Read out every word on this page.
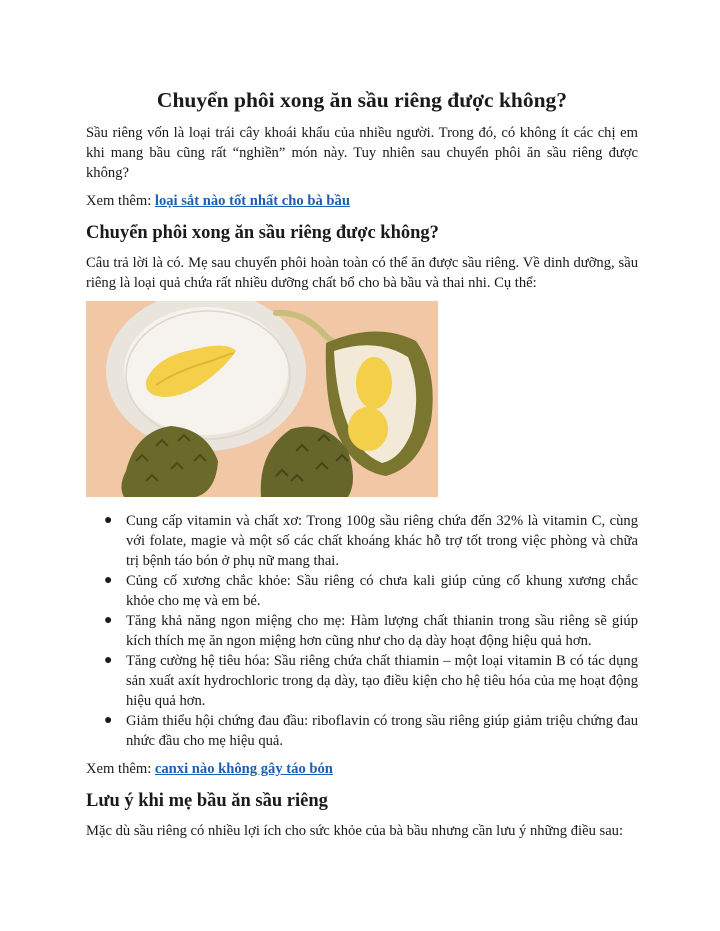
Chuyển phôi xong ăn sầu riêng được không?

Sầu riêng vốn là loại trái cây khoái khẩu của nhiều người. Trong đó, có không ít các chị em khi mang bầu cũng rất “nghiền” món này. Tuy nhiên sau chuyển phôi ăn sầu riêng được không?

Xem thêm: loại sắt nào tốt nhất cho bà bầu

Chuyển phôi xong ăn sầu riêng được không?

Câu trả lời là có. Mẹ sau chuyển phôi hoàn toàn có thể ăn được sầu riêng. Về dinh dưỡng, sầu riêng là loại quả chứa rất nhiều dưỡng chất bổ cho bà bầu và thai nhi. Cụ thể:

● Cung cấp vitamin và chất xơ: Trong 100g sầu riêng chứa đến 32% là vitamin C, cùng với folate, magie và một số các chất khoáng khác hỗ trợ tốt trong việc phòng và chữa trị bệnh táo bón ở phụ nữ mang thai.
● Củng cố xương chắc khỏe: Sầu riêng có chưa kali giúp củng cố khung xương chắc khỏe cho mẹ và em bé.
● Tăng khả năng ngon miệng cho mẹ: Hàm lượng chất thianin trong sầu riêng sẽ giúp kích thích mẹ ăn ngon miệng hơn cũng như cho dạ dày hoạt động hiệu quả hơn.
● Tăng cường hệ tiêu hóa: Sầu riêng chứa chất thiamin – một loại vitamin B có tác dụng sản xuất axít hydrochloric trong dạ dày, tạo điều kiện cho hệ tiêu hóa của mẹ hoạt động hiệu quả hơn.
● Giảm thiểu hội chứng đau đầu: riboflavin có trong sầu riêng giúp giảm triệu chứng đau nhức đầu cho mẹ hiệu quả.

Xem thêm: canxi nào không gây táo bón

Lưu ý khi mẹ bầu ăn sầu riêng

Mặc dù sầu riêng có nhiều lợi ích cho sức khỏe của bà bầu nhưng cần lưu ý những điều sau:
